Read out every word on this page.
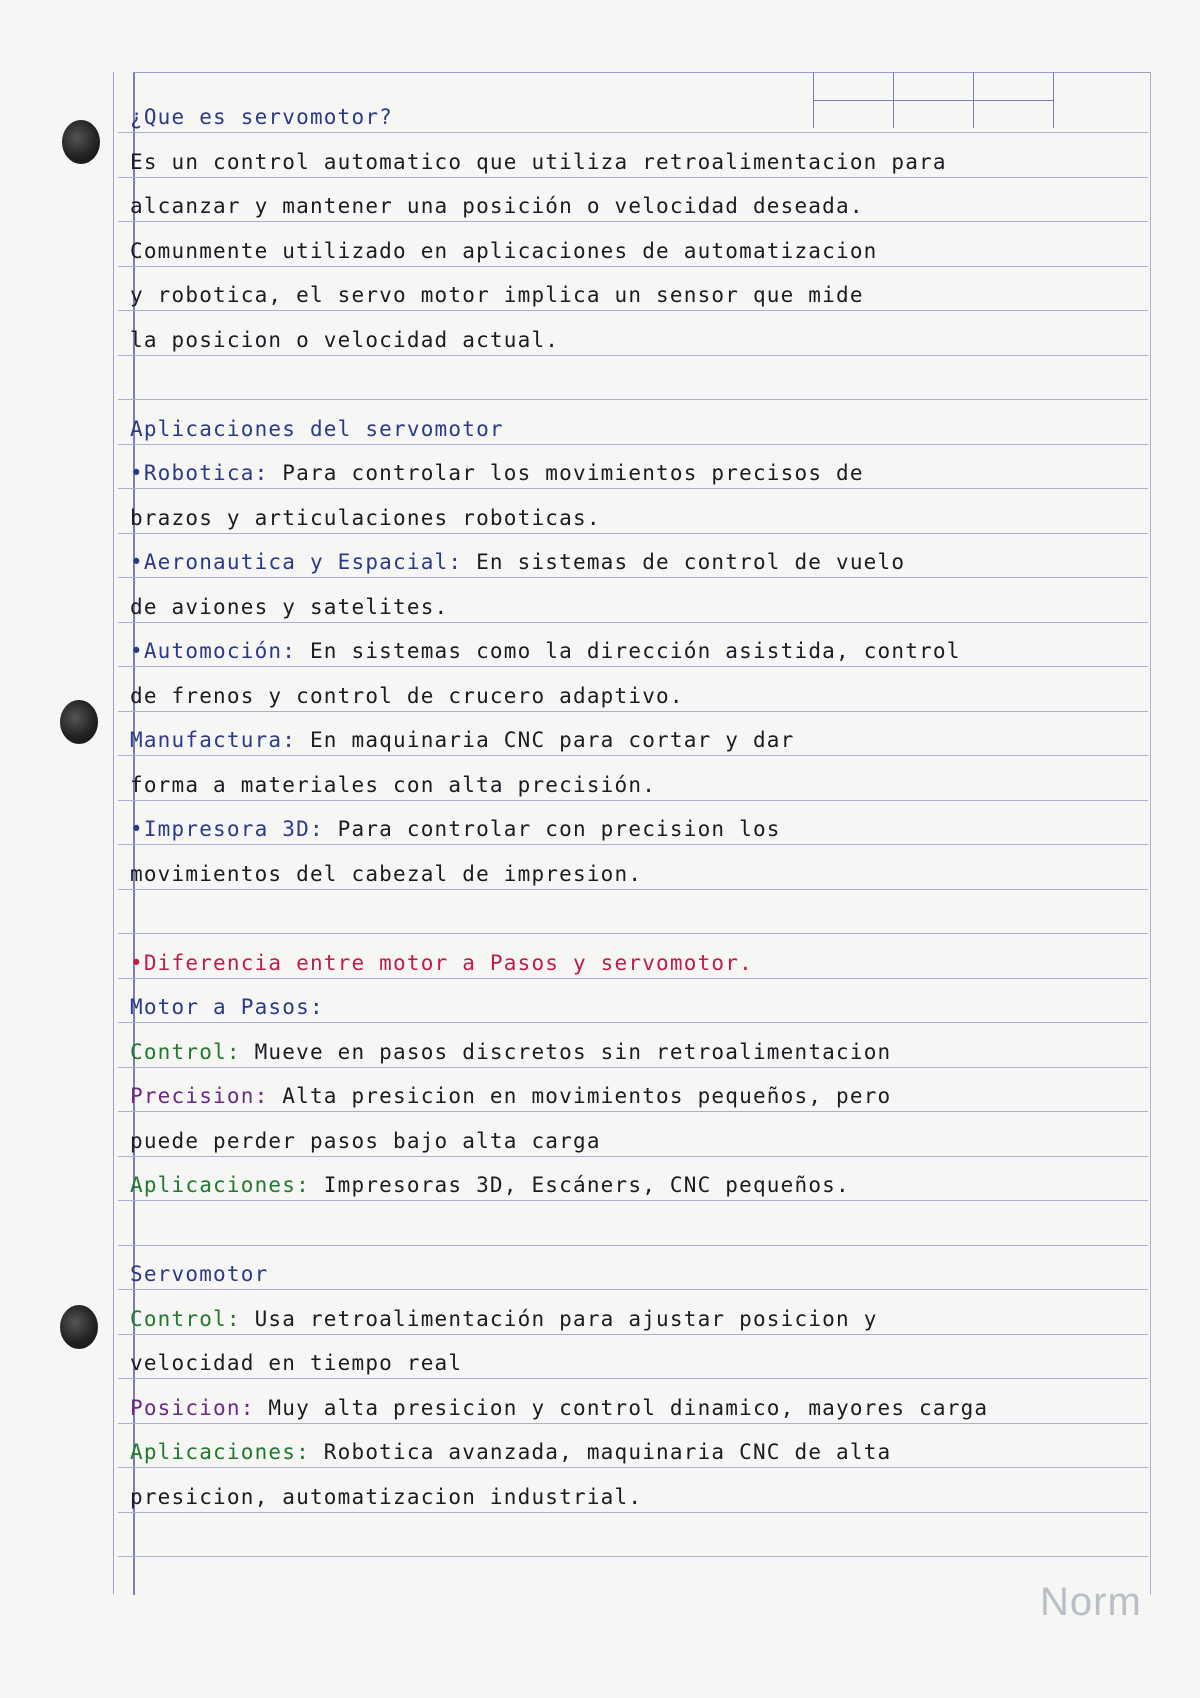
¿Que es servomotor?
Es un control automatico que utiliza retroalimentacion para
alcanzar y mantener una posición o velocidad deseada.
Comunmente utilizado en aplicaciones de automatizacion
y robotica, el servo motor implica un sensor que mide
la posicion o velocidad actual.
Aplicaciones del servomotor
•Robotica: Para controlar los movimientos precisos de
brazos y articulaciones roboticas.
•Aeronautica y Espacial: En sistemas de control de vuelo
de aviones y satelites.
•Automoción: En sistemas como la dirección asistida, control
de frenos y control de crucero adaptivo.
Manufactura: En maquinaria CNC para cortar y dar
forma a materiales con alta precisión.
•Impresora 3D: Para controlar con precision los
movimientos del cabezal de impresion.
•Diferencia entre motor a Pasos y servomotor.
Motor a Pasos:
Control: Mueve en pasos discretos sin retroalimentacion
Precision: Alta presicion en movimientos pequeños, pero
puede perder pasos bajo alta carga
Aplicaciones: Impresoras 3D, Escáners, CNC pequeños.
Servomotor
Control: Usa retroalimentación para ajustar posicion y
velocidad en tiempo real
Posicion: Muy alta presicion y control dinamico, mayores carga
Aplicaciones: Robotica avanzada, maquinaria CNC de alta
presicion, automatizacion industrial.
Norm
